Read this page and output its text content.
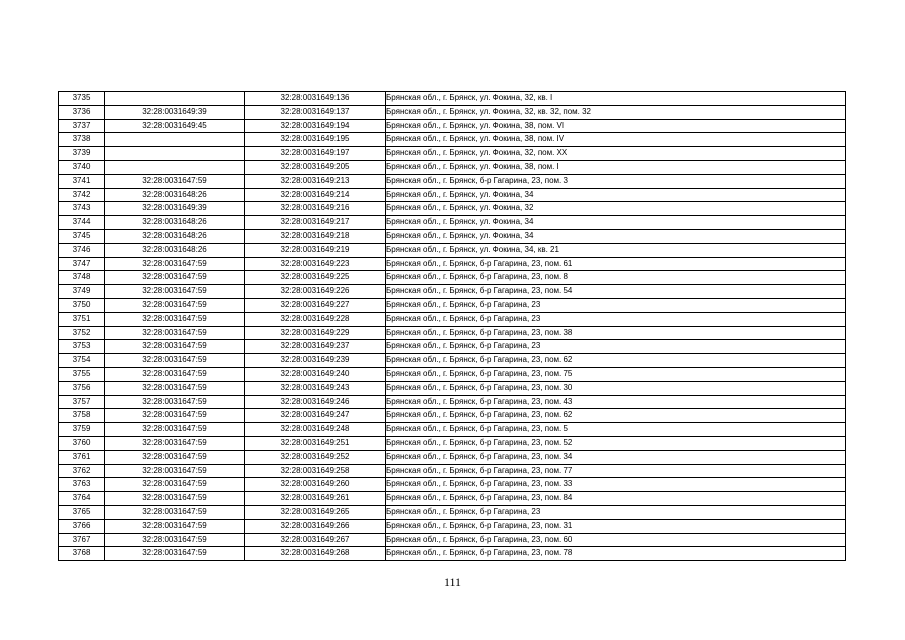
3735		32:28:0031649:136	Брянская обл., г. Брянск, ул. Фокина, 32, кв. I
3736	32:28:0031649:39	32:28:0031649:137	Брянская обл., г. Брянск, ул. Фокина, 32, кв. 32, пом. 32
3737	32:28:0031649:45	32:28:0031649:194	Брянская обл., г. Брянск, ул. Фокина, 38, пом. VI
3738		32:28:0031649:195	Брянская обл., г. Брянск, ул. Фокина, 38, пом. IV
3739		32:28:0031649:197	Брянская обл., г. Брянск, ул. Фокина, 32, пом. XX
3740		32:28:0031649:205	Брянская обл., г. Брянск, ул. Фокина, 38, пом. I
3741	32:28:0031647:59	32:28:0031649:213	Брянская обл., г. Брянск, б-р Гагарина, 23, пом. 3
3742	32:28:0031648:26	32:28:0031649:214	Брянская обл., г. Брянск, ул. Фокина, 34
3743	32:28:0031649:39	32:28:0031649:216	Брянская обл., г. Брянск, ул. Фокина, 32
3744	32:28:0031648:26	32:28:0031649:217	Брянская обл., г. Брянск, ул. Фокина, 34
3745	32:28:0031648:26	32:28:0031649:218	Брянская обл., г. Брянск, ул. Фокина, 34
3746	32:28:0031648:26	32:28:0031649:219	Брянская обл., г. Брянск, ул. Фокина, 34, кв. 21
3747	32:28:0031647:59	32:28:0031649:223	Брянская обл., г. Брянск, б-р Гагарина, 23, пом. 61
3748	32:28:0031647:59	32:28:0031649:225	Брянская обл., г. Брянск, б-р Гагарина, 23, пом. 8
3749	32:28:0031647:59	32:28:0031649:226	Брянская обл., г. Брянск, б-р Гагарина, 23, пом. 54
3750	32:28:0031647:59	32:28:0031649:227	Брянская обл., г. Брянск, б-р Гагарина, 23
3751	32:28:0031647:59	32:28:0031649:228	Брянская обл., г. Брянск, б-р Гагарина, 23
3752	32:28:0031647:59	32:28:0031649:229	Брянская обл., г. Брянск, б-р Гагарина, 23, пом. 38
3753	32:28:0031647:59	32:28:0031649:237	Брянская обл., г. Брянск, б-р Гагарина, 23
3754	32:28:0031647:59	32:28:0031649:239	Брянская обл., г. Брянск, б-р Гагарина, 23, пом. 62
3755	32:28:0031647:59	32:28:0031649:240	Брянская обл., г. Брянск, б-р Гагарина, 23, пом. 75
3756	32:28:0031647:59	32:28:0031649:243	Брянская обл., г. Брянск, б-р Гагарина, 23, пом. 30
3757	32:28:0031647:59	32:28:0031649:246	Брянская обл., г. Брянск, б-р Гагарина, 23, пом. 43
3758	32:28:0031647:59	32:28:0031649:247	Брянская обл., г. Брянск, б-р Гагарина, 23, пом. 62
3759	32:28:0031647:59	32:28:0031649:248	Брянская обл., г. Брянск, б-р Гагарина, 23, пом. 5
3760	32:28:0031647:59	32:28:0031649:251	Брянская обл., г. Брянск, б-р Гагарина, 23, пом. 52
3761	32:28:0031647:59	32:28:0031649:252	Брянская обл., г. Брянск, б-р Гагарина, 23, пом. 34
3762	32:28:0031647:59	32:28:0031649:258	Брянская обл., г. Брянск, б-р Гагарина, 23, пом. 77
3763	32:28:0031647:59	32:28:0031649:260	Брянская обл., г. Брянск, б-р Гагарина, 23, пом. 33
3764	32:28:0031647:59	32:28:0031649:261	Брянская обл., г. Брянск, б-р Гагарина, 23, пом. 84
3765	32:28:0031647:59	32:28:0031649:265	Брянская обл., г. Брянск, б-р Гагарина, 23
3766	32:28:0031647:59	32:28:0031649:266	Брянская обл., г. Брянск, б-р Гагарина, 23, пом. 31
3767	32:28:0031647:59	32:28:0031649:267	Брянская обл., г. Брянск, б-р Гагарина, 23, пом. 60
3768	32:28:0031647:59	32:28:0031649:268	Брянская обл., г. Брянск, б-р Гагарина, 23, пом. 78
111
